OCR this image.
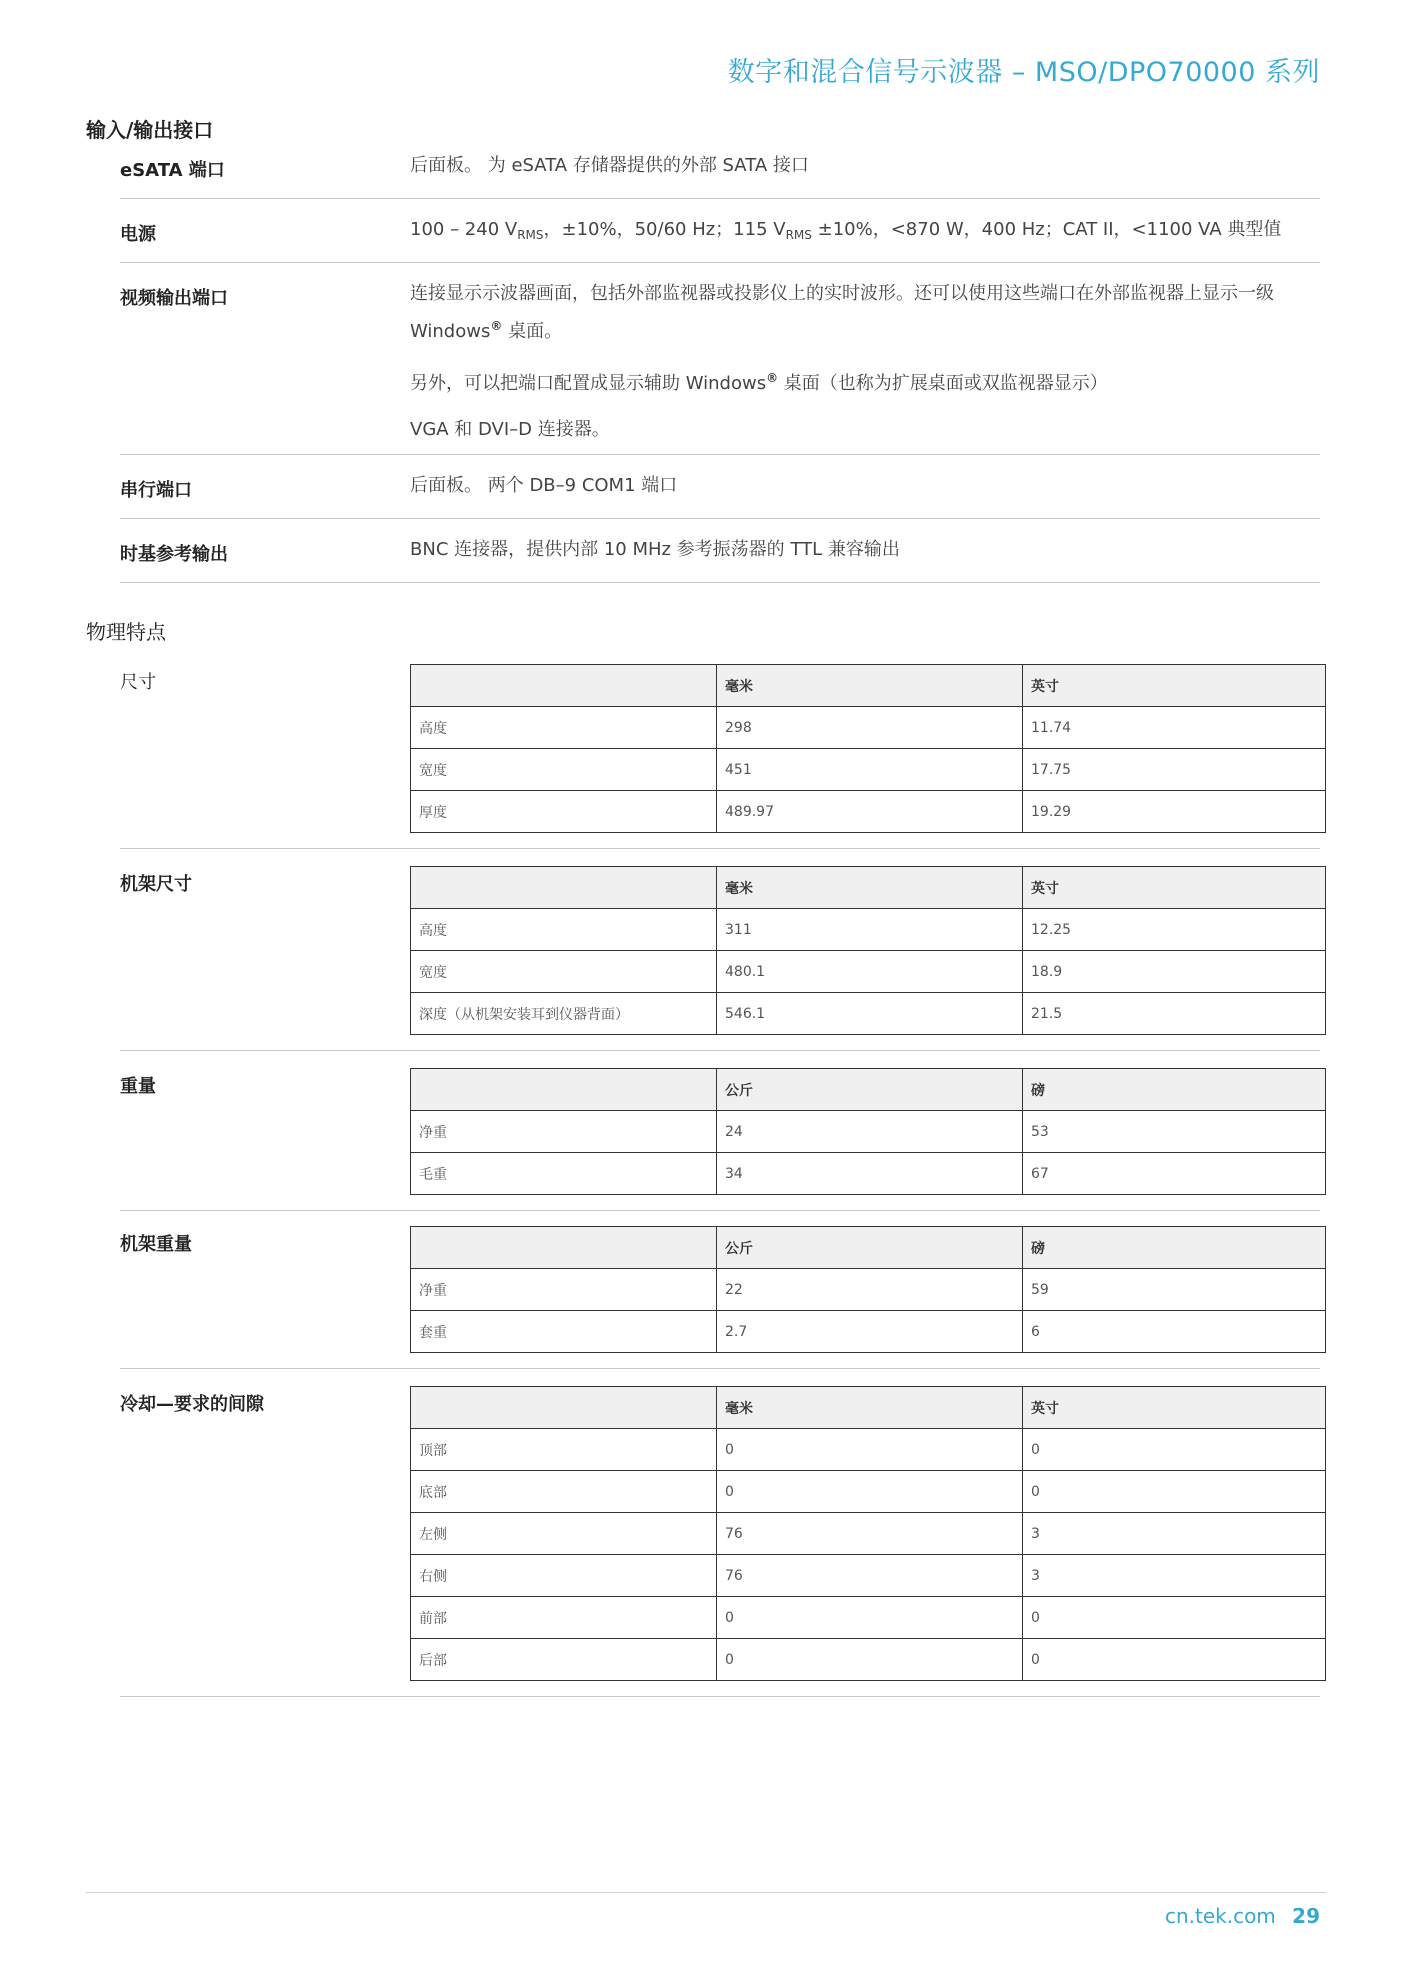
数字和混合信号示波器 – MSO/DPO70000 系列
输入/输出接口
eSATA 端口	后面板。 为 eSATA 存储器提供的外部 SATA 接口
电源	100 – 240 $V_{RMS}$，±10%，50/60 Hz；115 $V_{RMS} \pm 10\%$，<870 W，400 Hz；CAT II，<1100 VA 典型值
视频输出端口	连接显示示波器画面，包括外部监视器或投影仪上的实时波形。还可以使用这些端口在外部监视器上显示一级 Windows® 桌面。

另外，可以把端口配置成显示辅助 Windows® 桌面（也称为扩展桌面或双监视器显示）

VGA 和 DVI–D 连接器。

串行端口	后面板。 两个 DB–9 COM1 端口
时基参考输出	BNC 连接器，提供内部 10 MHz 参考振荡器的 TTL 兼容输出
物理特点
尺寸
		毫米	英寸
高度	298	11.74
宽度	451	17.75
厚度	489.97	19.29
机架尺寸
		毫米	英寸
高度	311	12.25
宽度	480.1	18.9
深度（从机架安装耳到仪器背面）	546.1	21.5
重量
		公斤	磅
净重	24	53
毛重	34	67
机架重量
		公斤	磅
净重	22	59
套重	2.7	6
冷却—要求的间隙
		毫米	英寸
顶部	0	0
底部	0	0
左侧	76	3
右侧	76	3
前部	0	0
后部	0	0
cn.tek.com 29
